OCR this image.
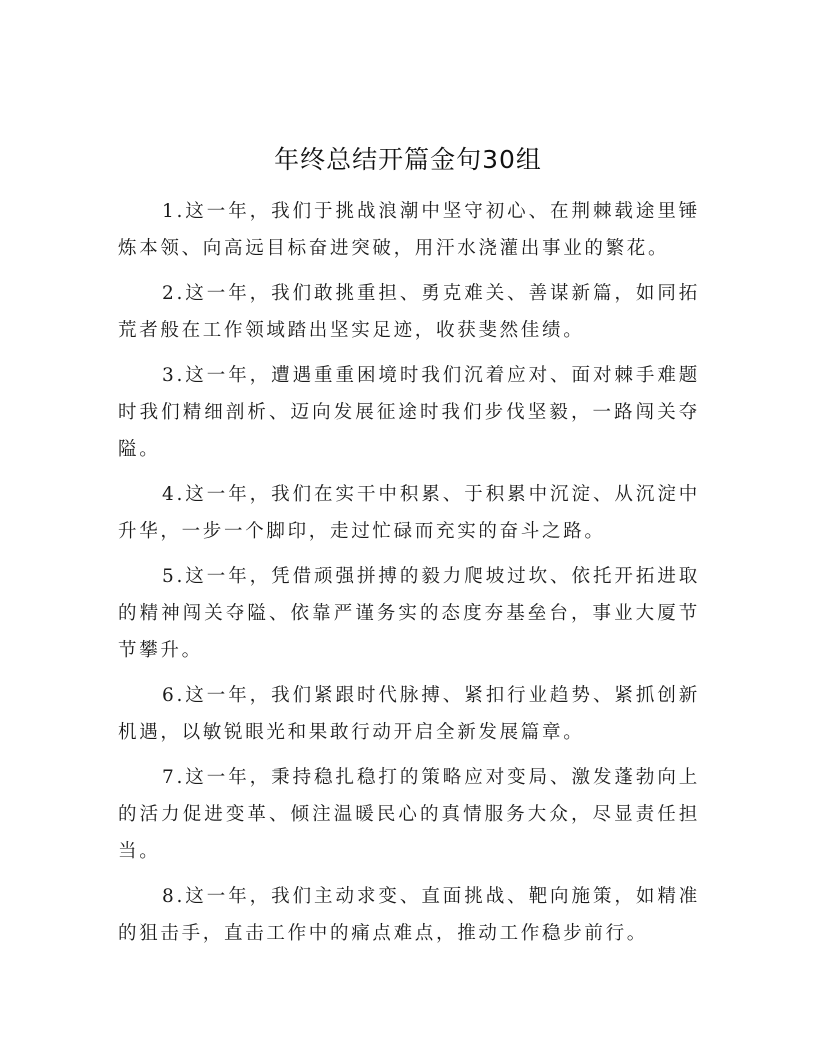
年终总结开篇金句30组

1.这一年，我们于挑战浪潮中坚守初心、在荆棘载途里锤炼本领、向高远目标奋进突破，用汗水浇灌出事业的繁花。

2.这一年，我们敢挑重担、勇克难关、善谋新篇，如同拓荒者般在工作领域踏出坚实足迹，收获斐然佳绩。

3.这一年，遭遇重重困境时我们沉着应对、面对棘手难题时我们精细剖析、迈向发展征途时我们步伐坚毅，一路闯关夺隘。

4.这一年，我们在实干中积累、于积累中沉淀、从沉淀中升华，一步一个脚印，走过忙碌而充实的奋斗之路。

5.这一年，凭借顽强拼搏的毅力爬坡过坎、依托开拓进取的精神闯关夺隘、依靠严谨务实的态度夯基垒台，事业大厦节节攀升。

6.这一年，我们紧跟时代脉搏、紧扣行业趋势、紧抓创新机遇，以敏锐眼光和果敢行动开启全新发展篇章。

7.这一年，秉持稳扎稳打的策略应对变局、激发蓬勃向上的活力促进变革、倾注温暖民心的真情服务大众，尽显责任担当。

8.这一年，我们主动求变、直面挑战、靶向施策，如精准的狙击手，直击工作中的痛点难点，推动工作稳步前行。
